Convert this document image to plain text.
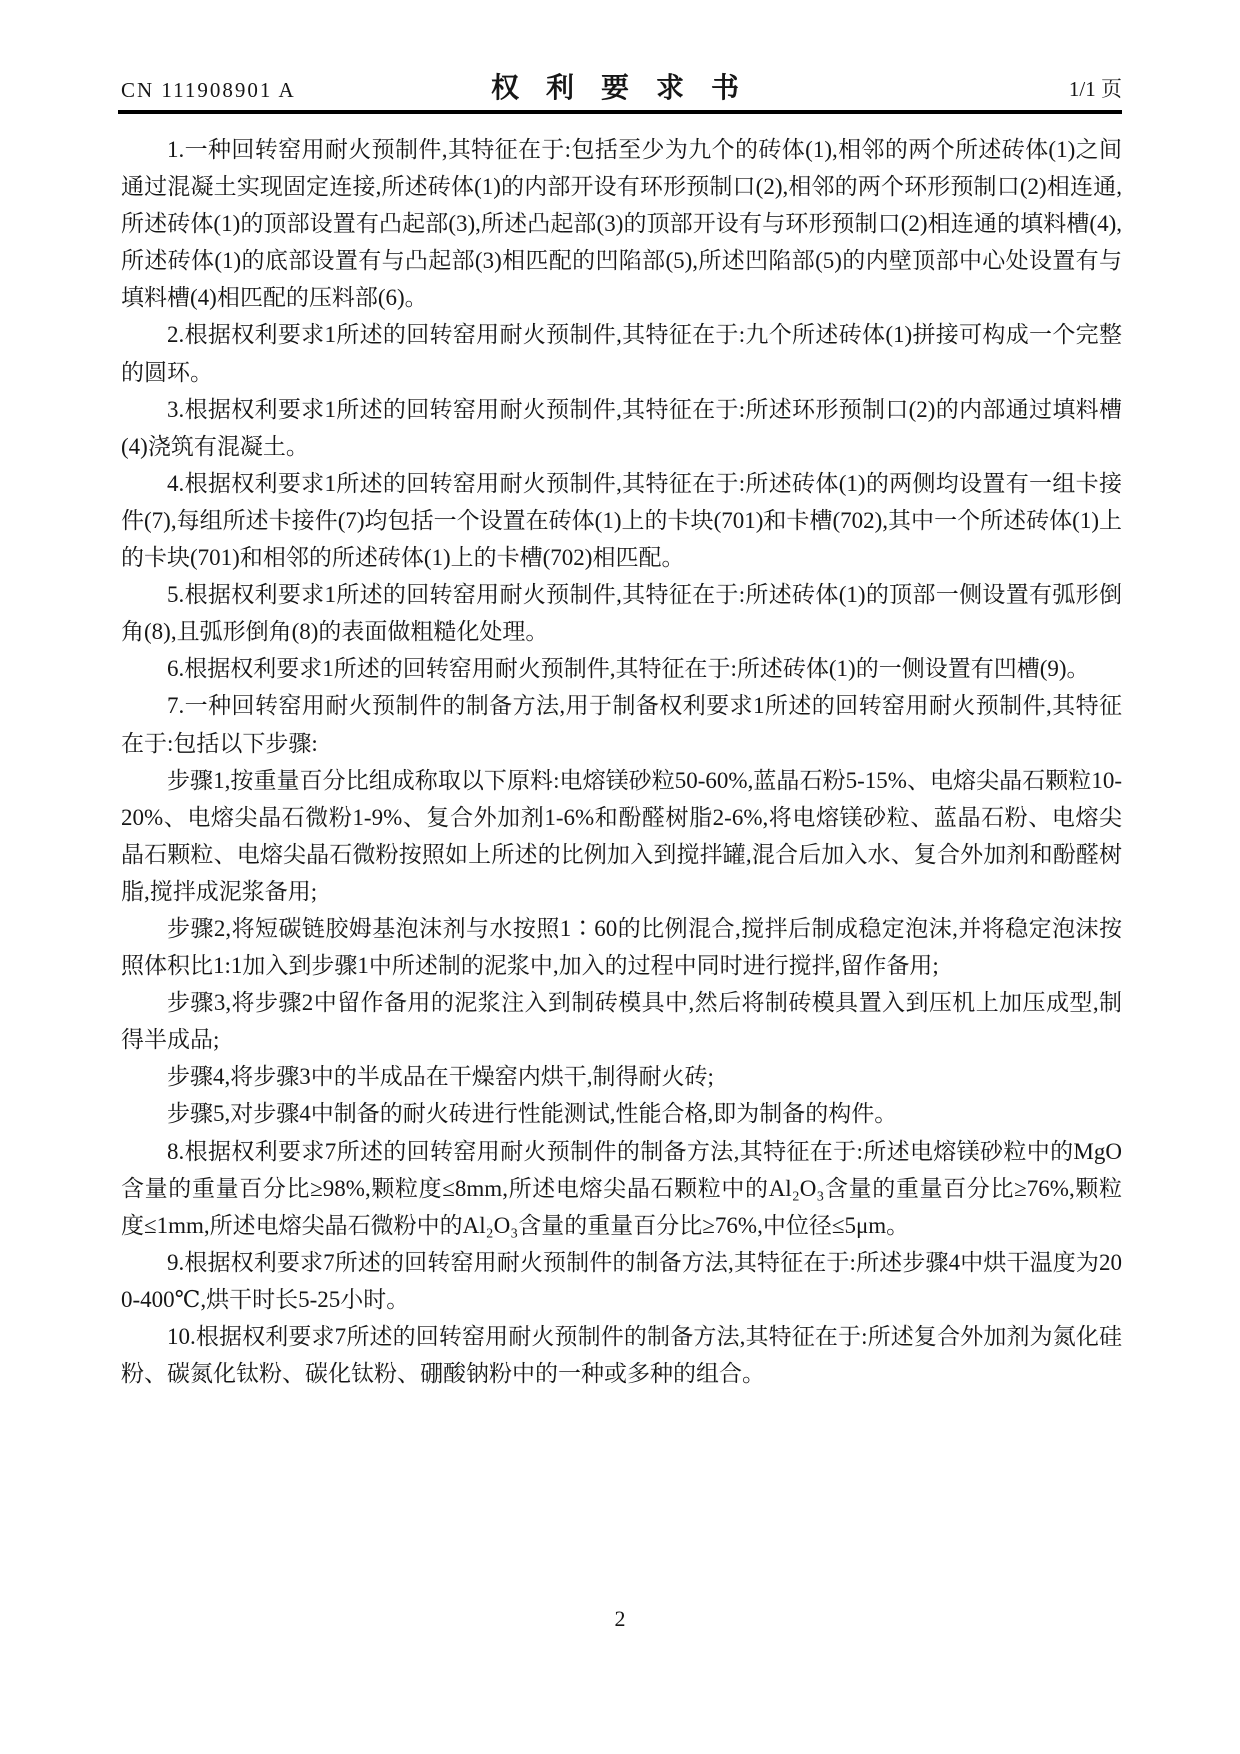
CN 111908901 A	权 利 要 求 书	1/1 页

1.一种回转窑用耐火预制件,其特征在于:包括至少为九个的砖体(1),相邻的两个所述砖体(1)之间通过混凝土实现固定连接,所述砖体(1)的内部开设有环形预制口(2),相邻的两个环形预制口(2)相连通,所述砖体(1)的顶部设置有凸起部(3),所述凸起部(3)的顶部开设有与环形预制口(2)相连通的填料槽(4),所述砖体(1)的底部设置有与凸起部(3)相匹配的凹陷部(5),所述凹陷部(5)的内壁顶部中心处设置有与填料槽(4)相匹配的压料部(6)。

2.根据权利要求1所述的回转窑用耐火预制件,其特征在于:九个所述砖体(1)拼接可构成一个完整的圆环。

3.根据权利要求1所述的回转窑用耐火预制件,其特征在于:所述环形预制口(2)的内部通过填料槽(4)浇筑有混凝土。

4.根据权利要求1所述的回转窑用耐火预制件,其特征在于:所述砖体(1)的两侧均设置有一组卡接件(7),每组所述卡接件(7)均包括一个设置在砖体(1)上的卡块(701)和卡槽(702),其中一个所述砖体(1)上的卡块(701)和相邻的所述砖体(1)上的卡槽(702)相匹配。

5.根据权利要求1所述的回转窑用耐火预制件,其特征在于:所述砖体(1)的顶部一侧设置有弧形倒角(8),且弧形倒角(8)的表面做粗糙化处理。

6.根据权利要求1所述的回转窑用耐火预制件,其特征在于:所述砖体(1)的一侧设置有凹槽(9)。

7.一种回转窑用耐火预制件的制备方法,用于制备权利要求1所述的回转窑用耐火预制件,其特征在于:包括以下步骤:

步骤1,按重量百分比组成称取以下原料:电熔镁砂粒50-60%,蓝晶石粉5-15%、电熔尖晶石颗粒10-20%、电熔尖晶石微粉1-9%、复合外加剂1-6%和酚醛树脂2-6%,将电熔镁砂粒、蓝晶石粉、电熔尖晶石颗粒、电熔尖晶石微粉按照如上所述的比例加入到搅拌罐,混合后加入水、复合外加剂和酚醛树脂,搅拌成泥浆备用;

步骤2,将短碳链胶姆基泡沫剂与水按照1∶60的比例混合,搅拌后制成稳定泡沫,并将稳定泡沫按照体积比1:1加入到步骤1中所述制的泥浆中,加入的过程中同时进行搅拌,留作备用;

步骤3,将步骤2中留作备用的泥浆注入到制砖模具中,然后将制砖模具置入到压机上加压成型,制得半成品;

步骤4,将步骤3中的半成品在干燥窑内烘干,制得耐火砖;

步骤5,对步骤4中制备的耐火砖进行性能测试,性能合格,即为制备的构件。

8.根据权利要求7所述的回转窑用耐火预制件的制备方法,其特征在于:所述电熔镁砂粒中的MgO含量的重量百分比≥98%,颗粒度≤8mm,所述电熔尖晶石颗粒中的Al₂O₃含量的重量百分比≥76%,颗粒度≤1mm,所述电熔尖晶石微粉中的Al₂O₃含量的重量百分比≥76%,中位径≤5μm。

9.根据权利要求7所述的回转窑用耐火预制件的制备方法,其特征在于:所述步骤4中烘干温度为200-400℃,烘干时长5-25小时。

10.根据权利要求7所述的回转窑用耐火预制件的制备方法,其特征在于:所述复合外加剂为氮化硅粉、碳氮化钛粉、碳化钛粉、硼酸钠粉中的一种或多种的组合。

2
